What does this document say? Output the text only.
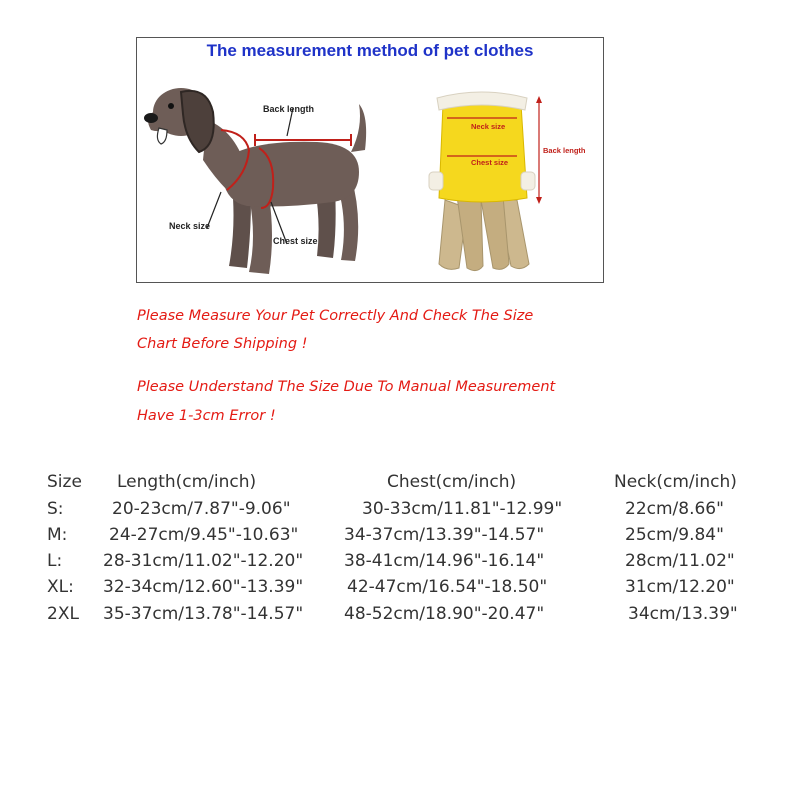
The measurement method of pet clothes
Back length
Neck size
Chest size
Neck size
Chest size
Back length
Please Measure Your Pet Correctly And Check The Size
Chart Before Shipping !
Please Understand The Size Due To Manual Measurement
Have 1-3cm Error !
Size Length(cm/inch)	Chest(cm/inch)	Neck(cm/inch)
S:	20-23cm/7.87"-9.06"	30-33cm/11.81"-12.99"	22cm/8.66"
M: 24-27cm/9.45"-10.63"	34-37cm/13.39"-14.57"	25cm/9.84"
L: 28-31cm/11.02"-12.20" 38-41cm/14.96"-16.14"	28cm/11.02"
XL: 32-34cm/12.60"-13.39"	42-47cm/16.54"-18.50"	31cm/12.20"
2XL 35-37cm/13.78"-14.57" 48-52cm/18.90"-20.47"	34cm/13.39"
